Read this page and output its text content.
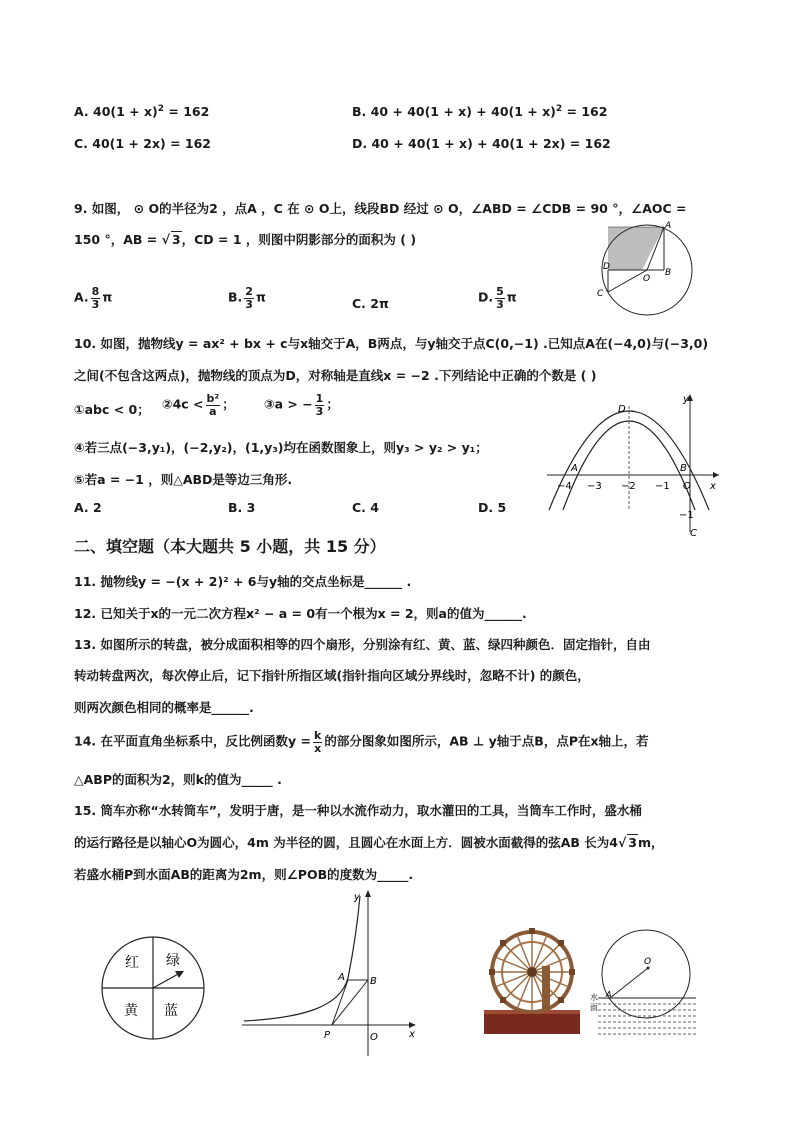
A. $40(1 + x)^2 = 162$	B. $40 + 40(1 + x) + 40(1 + x)^2 = 162$
C. 40(1 + 2x) = 162	D. 40 + 40(1 + x) + 40(1 + 2x) = 162
9. 如图， ⊙ O的半径为2 ，点A ，C 在 ⊙ O上，线段BD 经过 ⊙ O，∠ABD = ∠CDB = 90 °，∠AOC =
150 °，AB = √ 3，CD = 1 ，则图中阴影部分的面积为 ( )
A. $\frac{8}{3}$ π	B. $\frac{2}{3}$ π	C. 2π	D. $\frac{5}{3}$ π
A
B
D
C
O
10. 如图，抛物线y = ax² + bx + c与x轴交于A，B两点，与y轴交于点C(0,−1) .已知点A在(−4,0)与(−3,0)
之间(不包含这两点)，抛物线的顶点为D，对称轴是直线x = −2 .下列结论中正确的个数是 ( )
①abc < 0； ②4c < $\frac{\text{b²}}{a}$ ； ③a > − $\frac{1}{3}$ ；
④若三点(−3,y₁)，(−2,y₂)，(1,y₃)均在函数图象上，则y₃ > y₂ > y₁；
⑤若a = −1 ，则△ABD是等边三角形.
A. 2	B. 3	C. 4	D. 5
y
x
−4 −3 −2 −1 O
−1
A	B
C
D
二、填空题（本大题共 5 小题，共 15 分）
11. 抛物线y = −(x + 2)² + 6与y轴的交点坐标是______ .
12. 已知关于x的一元二次方程x² − a = 0有一个根为x = 2，则a的值为______.
13. 如图所示的转盘，被分成面积相等的四个扇形，分别涂有红、黄、蓝、绿四种颜色．固定指针，自由
转动转盘两次，每次停止后，记下指针所指区域(指针指向区域分界线时，忽略不计) 的颜色，
则两次颜色相同的概率是______.
14. 在平面直角坐标系中，反比例函数$y = \frac{k}{x}$ 的部分图象如图所示，AB ⊥ y轴于点B，点P在x轴上，若
△ABP的面积为2，则k的值为_____ .
15. 筒车亦称“水转筒车”，发明于唐，是一种以水流作动力，取水灌田的工具，当筒车工作时，盛水桶
的运行路径是以轴心O为圆心，4m 为半径的圆，且圆心在水面上方．圆被水面截得的弦AB 长为4√ 3m，
若盛水桶P到水面AB的距离为2m，则∠POB的度数为_____.
红 绿
黄 蓝
y
x
A	B
P	O
O
A
水
面
